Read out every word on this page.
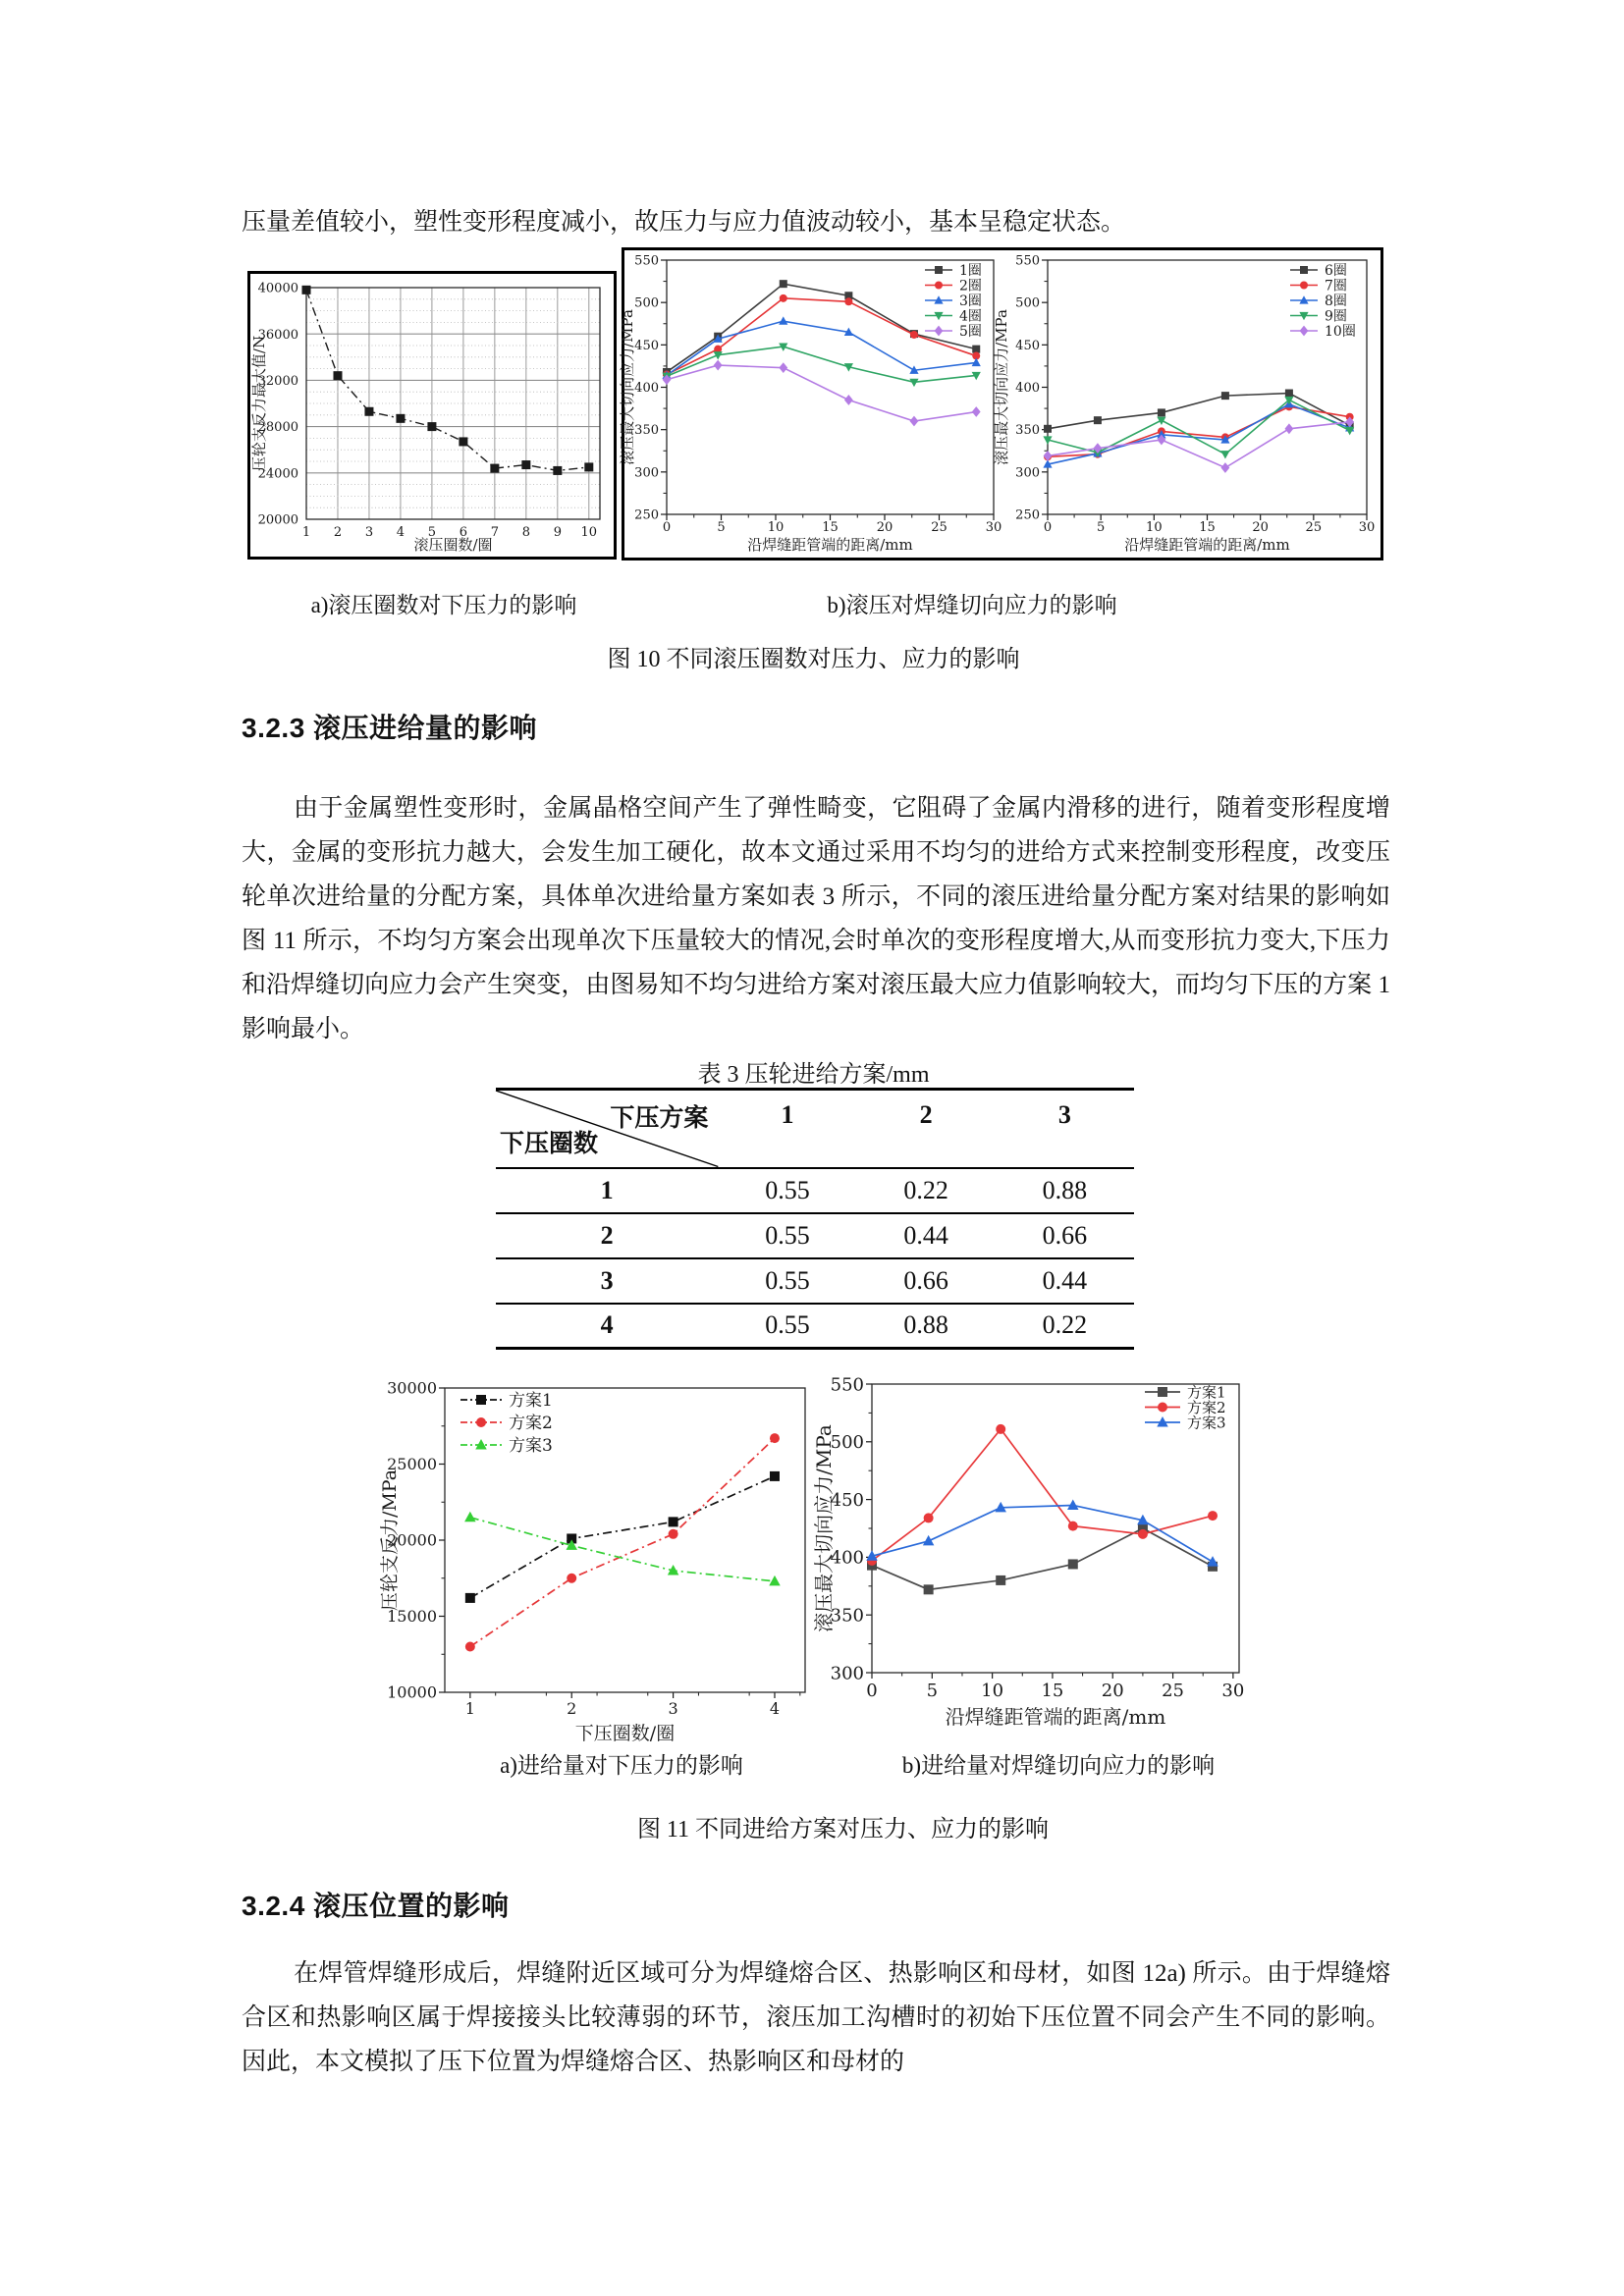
压量差值较小，塑性变形程度减小，故压力与应力值波动较小，基本呈稳定状态。
20000
24000
28000
32000
36000
40000
1 2 3 4 5 6 7 8 9 10
滚压圈数/圈
压轮支反力最大值/N
250
300
350
400
450
500
550
0	5	10	15	20	25	30
沿焊缝距管端的距离/mm
滚压最大切向应力/MPa
1圈
2圈
3圈
4圈
5圈
250
300
350
400
450
500
550
0	5	10	15	20	25	30
沿焊缝距管端的距离/mm
滚压最大切向应力/MPa
6圈
7圈
8圈
9圈
10圈
a)滚压圈数对下压力的影响	b)滚压对焊缝切向应力的影响
图 10 不同滚压圈数对压力、应力的影响
3.2.3 滚压进给量的影响
由于金属塑性变形时，金属晶格空间产生了弹性畸变，它阻碍了金属内滑移的进行，随着变形程度增大，金属的变形抗力越大，会发生加工硬化，故本文通过采用不均匀的进给方式来控制变形程度，改变压轮单次进给量的分配方案，具体单次进给量方案如表 3 所示，不同的滚压进给量分配方案对结果的影响如图 11 所示，不均匀方案会出现单次下压量较大的情况,会时单次的变形程度增大,从而变形抗力变大,下压力和沿焊缝切向应力会产生突变，由图易知不均匀进给方案对滚压最大应力值影响较大，而均匀下压的方案 1 影响最小。
表 3 压轮进给方案/mm
下压方案
下压圈数	1	2	3
1	0.55	0.22	0.88
2	0.55	0.44	0.66
3	0.55	0.66	0.44
4	0.55	0.88	0.22
10000
15000
20000
25000
30000
1	2	3	4
下压圈数/圈
压轮支反力/MPa
方案1
方案2
方案3
300
350
400
450
500
550
0	5 10 15 20 25 30
沿焊缝距管端的距离/mm
滚压最大切向应力/MPa
方案1
方案2
方案3
a)进给量对下压力的影响	b)进给量对焊缝切向应力的影响
图 11 不同进给方案对压力、应力的影响
3.2.4 滚压位置的影响
在焊管焊缝形成后，焊缝附近区域可分为焊缝熔合区、热影响区和母材，如图 12a) 所示。由于焊缝熔合区和热影响区属于焊接接头比较薄弱的环节，滚压加工沟槽时的初始下压位置不同会产生不同的影响。因此，本文模拟了压下位置为焊缝熔合区、热影响区和母材的
